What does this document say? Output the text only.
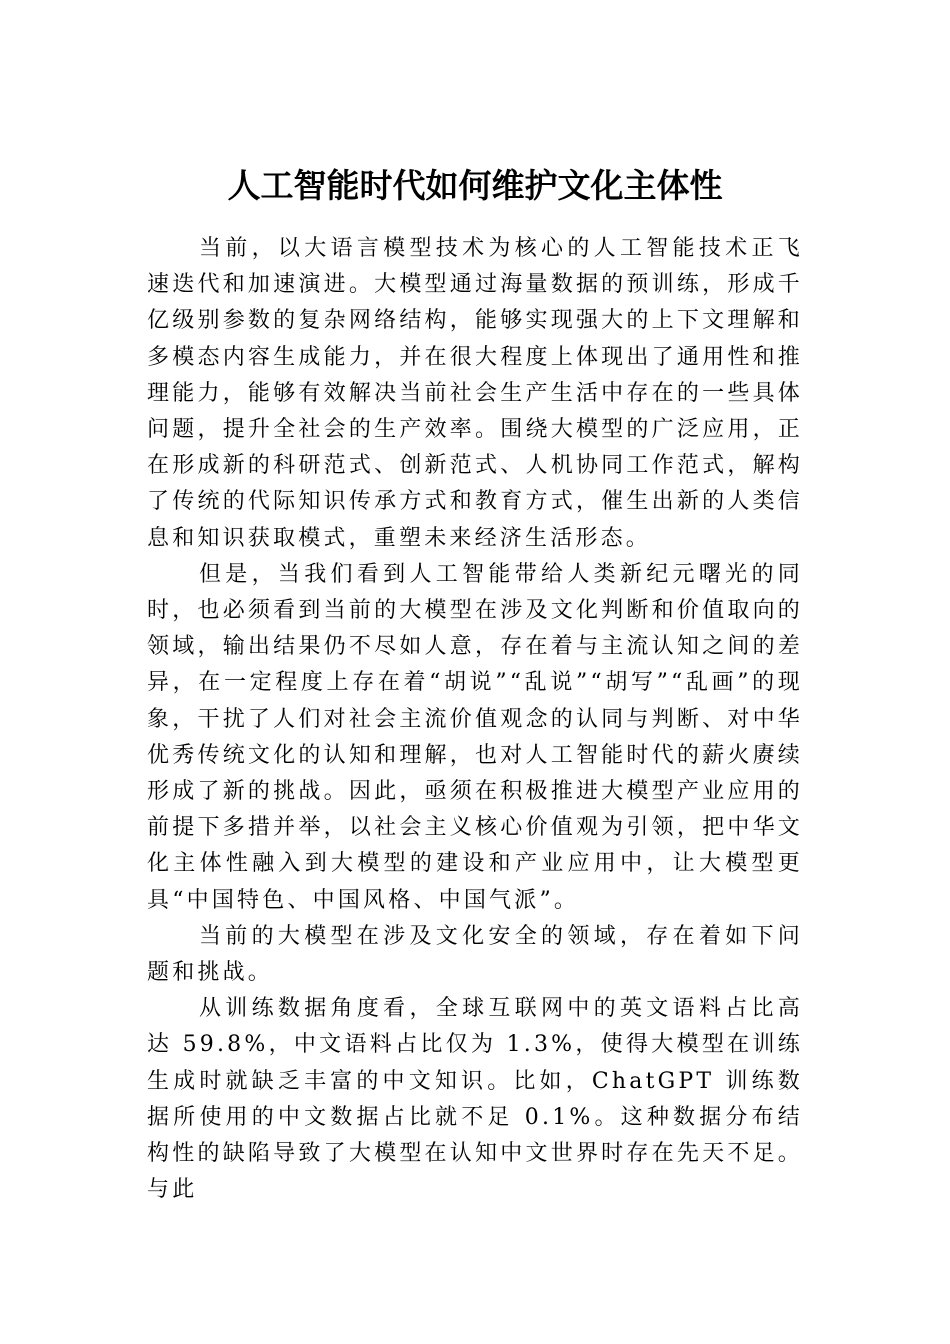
人工智能时代如何维护文化主体性

当前，以大语言模型技术为核心的人工智能技术正飞速迭代和加速演进。大模型通过海量数据的预训练，形成千亿级别参数的复杂网络结构，能够实现强大的上下文理解和多模态内容生成能力，并在很大程度上体现出了通用性和推理能力，能够有效解决当前社会生产生活中存在的一些具体问题，提升全社会的生产效率。围绕大模型的广泛应用，正在形成新的科研范式、创新范式、人机协同工作范式，解构了传统的代际知识传承方式和教育方式，催生出新的人类信息和知识获取模式，重塑未来经济生活形态。

但是，当我们看到人工智能带给人类新纪元曙光的同时，也必须看到当前的大模型在涉及文化判断和价值取向的领域，输出结果仍不尽如人意，存在着与主流认知之间的差异，在一定程度上存在着“胡说”“乱说”“胡写”“乱画”的现象，干扰了人们对社会主流价值观念的认同与判断、对中华优秀传统文化的认知和理解，也对人工智能时代的薪火赓续形成了新的挑战。因此，亟须在积极推进大模型产业应用的前提下多措并举，以社会主义核心价值观为引领，把中华文化主体性融入到大模型的建设和产业应用中，让大模型更具“中国特色、中国风格、中国气派”。

当前的大模型在涉及文化安全的领域，存在着如下问题和挑战。

从训练数据角度看，全球互联网中的英文语料占比高达 59.8%，中文语料占比仅为 1.3%，使得大模型在训练生成时就缺乏丰富的中文知识。比如，ChatGPT 训练数据所使用的中文数据占比就不足 0.1%。这种数据分布结构性的缺陷导致了大模型在认知中文世界时存在先天不足。与此
